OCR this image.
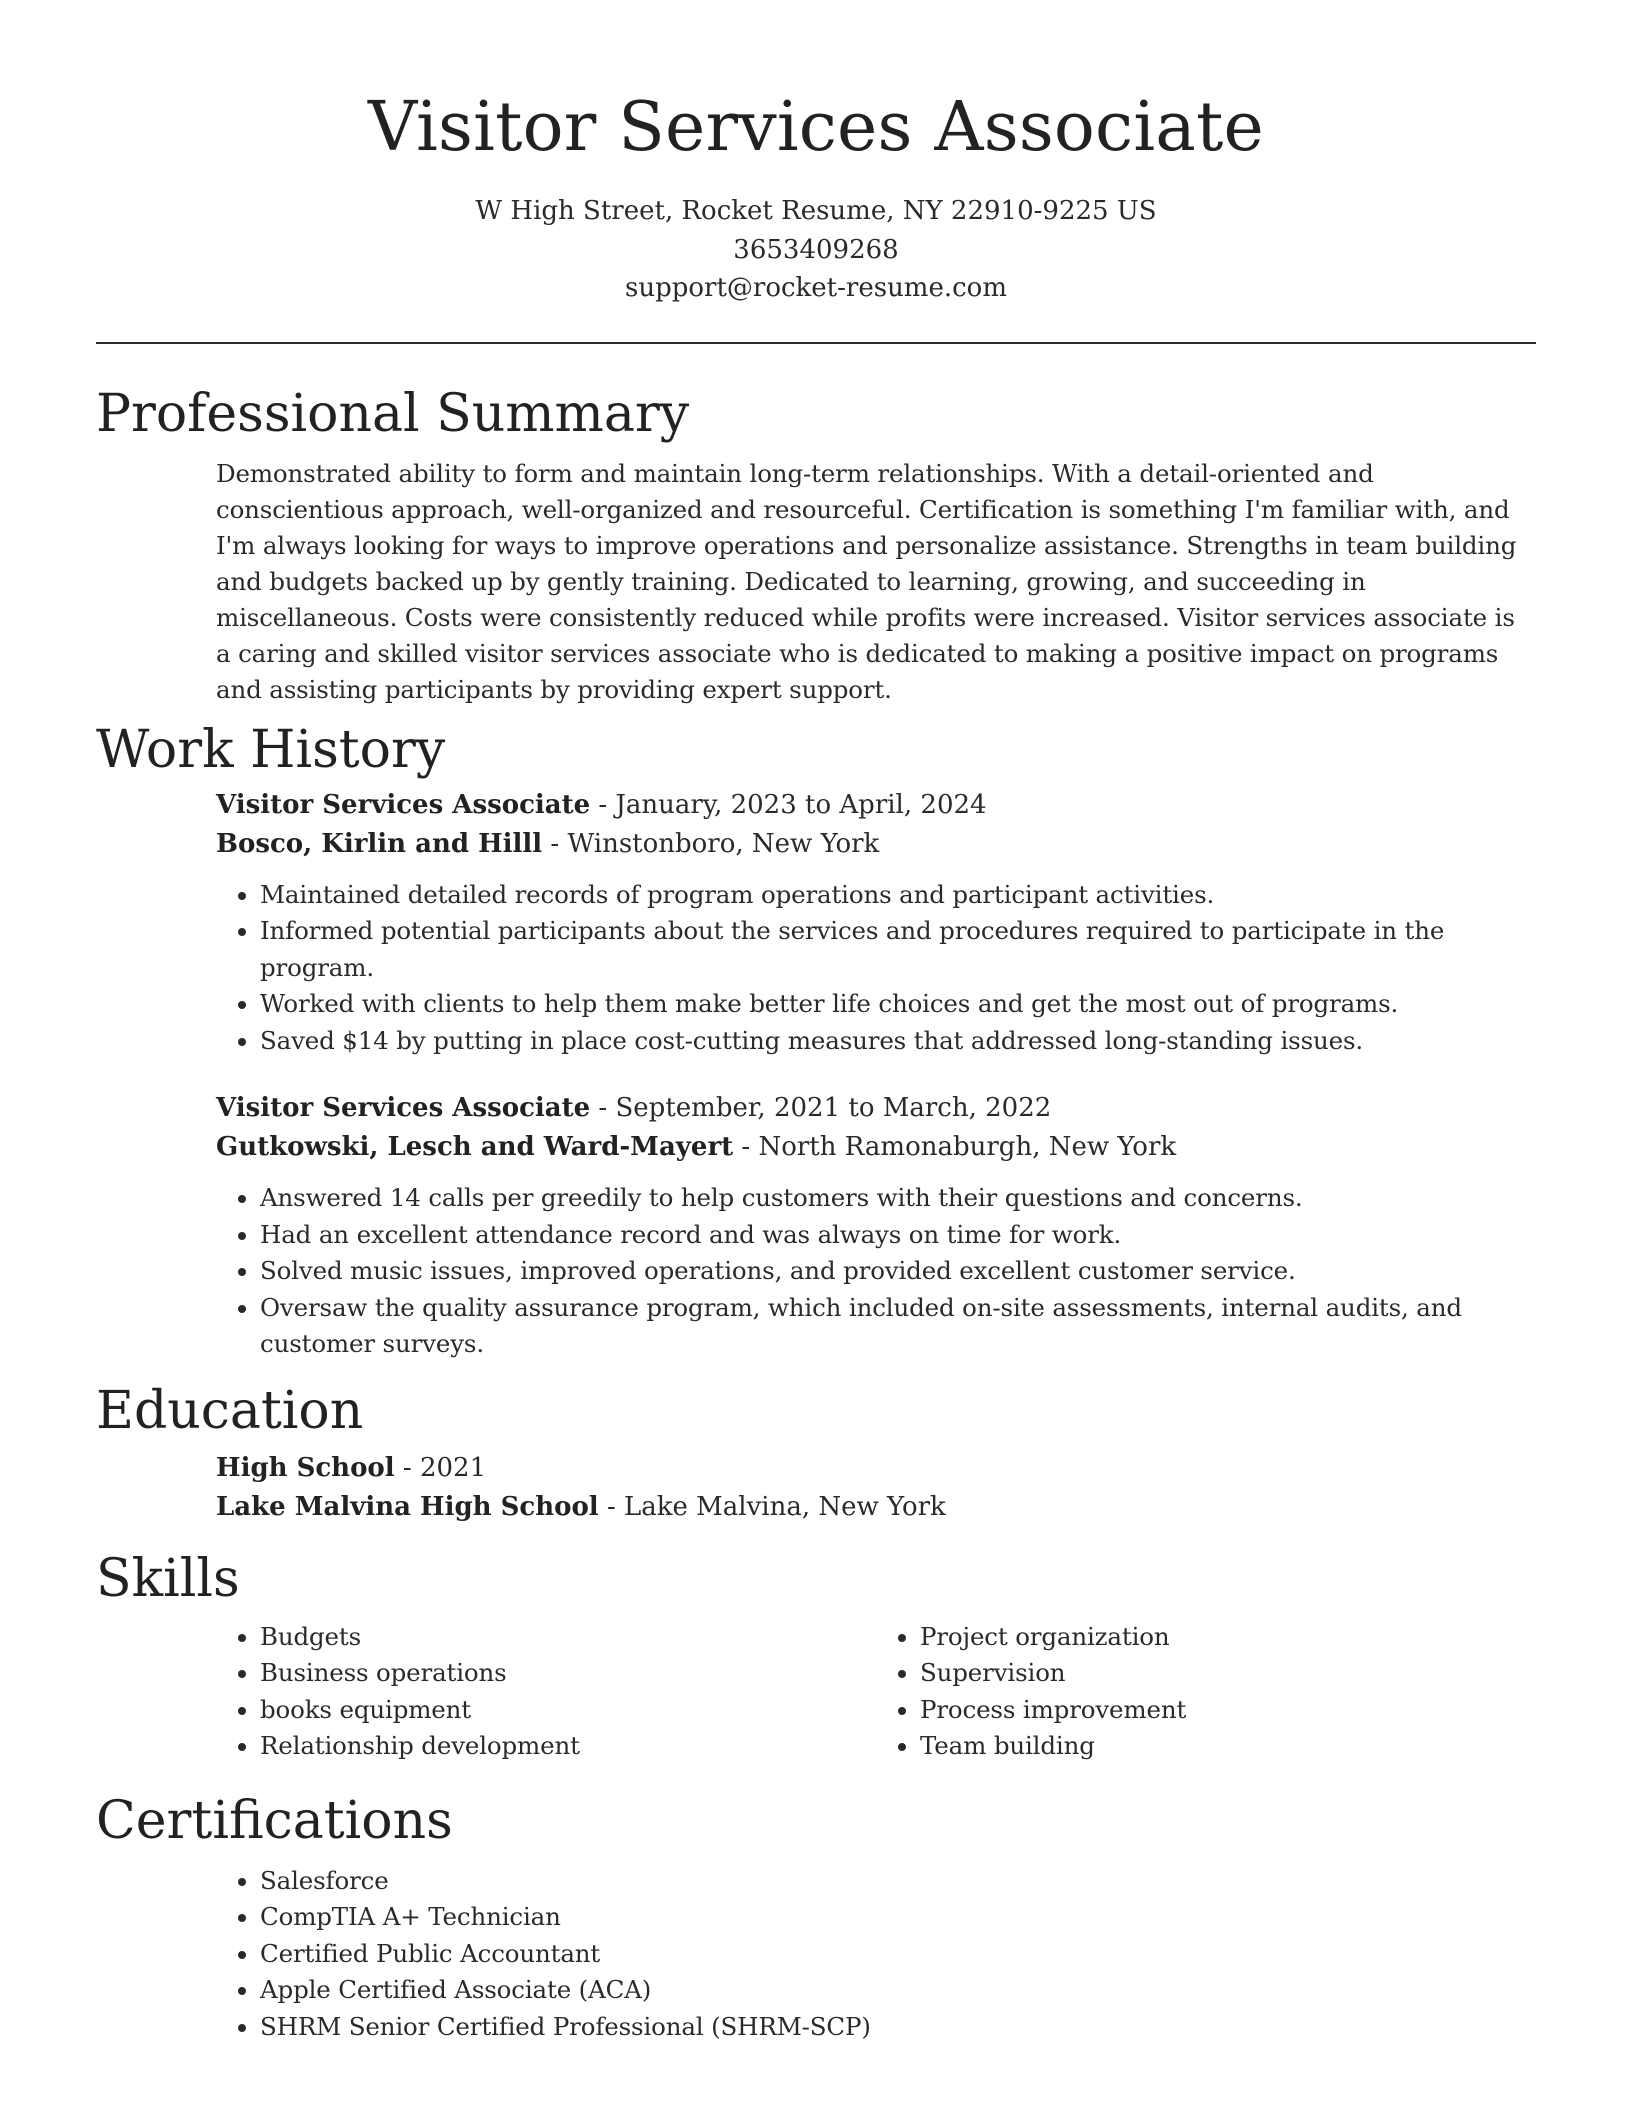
Visitor Services Associate
W High Street, Rocket Resume, NY 22910-9225 US
3653409268
support@rocket-resume.com
Professional Summary

Demonstrated ability to form and maintain long-term relationships. With a detail-oriented and conscientious approach, well-organized and resourceful. Certification is something I'm familiar with, and I'm always looking for ways to improve operations and personalize assistance. Strengths in team building and budgets backed up by gently training. Dedicated to learning, growing, and succeeding in miscellaneous. Costs were consistently reduced while profits were increased. Visitor services associate is a caring and skilled visitor services associate who is dedicated to making a positive impact on programs and assisting participants by providing expert support.

Work History

Visitor Services Associate - January, 2023 to April, 2024

Bosco, Kirlin and Hilll - Winstonboro, New York

• Maintained detailed records of program operations and participant activities.
• Informed potential participants about the services and procedures required to participate in the program.
• Worked with clients to help them make better life choices and get the most out of programs.
• Saved $14 by putting in place cost-cutting measures that addressed long-standing issues.

Visitor Services Associate - September, 2021 to March, 2022

Gutkowski, Lesch and Ward-Mayert - North Ramonaburgh, New York

• Answered 14 calls per greedily to help customers with their questions and concerns.
• Had an excellent attendance record and was always on time for work.
• Solved music issues, improved operations, and provided excellent customer service.
• Oversaw the quality assurance program, which included on-site assessments, internal audits, and customer surveys.
Education

High School - 2021

Lake Malvina High School - Lake Malvina, New York

Skills
• Budgets
• Business operations
• books equipment
• Relationship development
• Project organization
• Supervision
• Process improvement
• Team building
Certifications
• Salesforce
• CompTIA A+ Technician
• Certified Public Accountant
• Apple Certified Associate (ACA)
• SHRM Senior Certified Professional (SHRM-SCP)
